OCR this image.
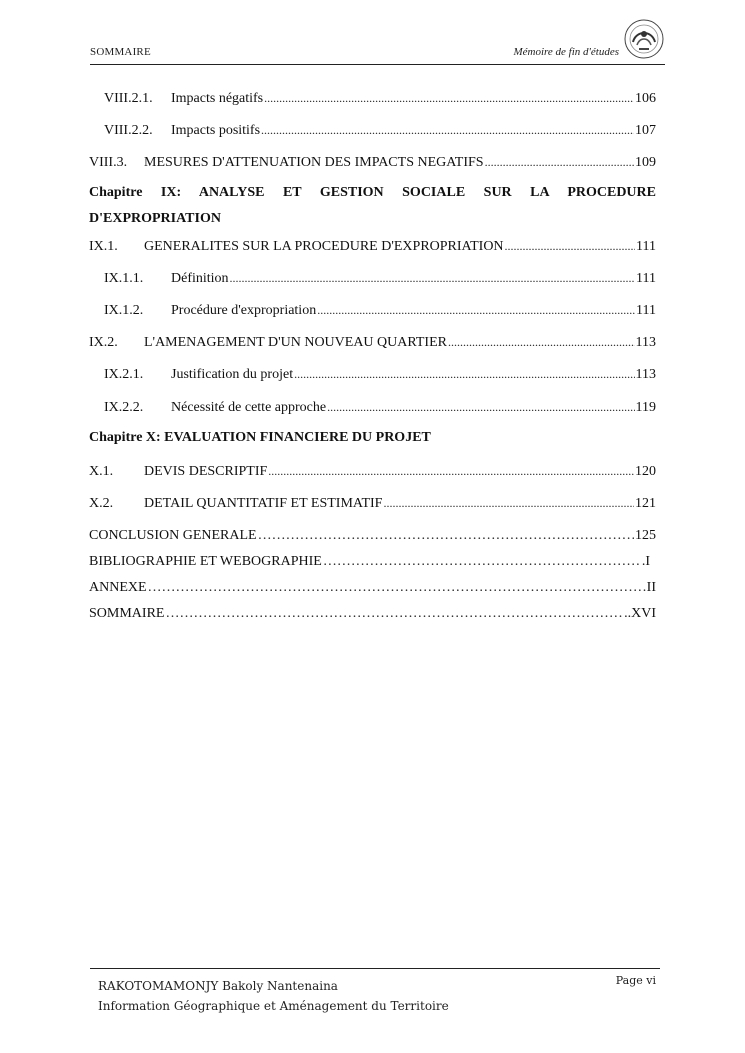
SOMMAIRE	Mémoire de fin d'études
VIII.2.1.	Impacts négatifs .....	106
VIII.2.2.	Impacts positifs .....	107
VIII.3.	MESURES D'ATTENUATION DES IMPACTS NEGATIFS .....	109
Chapitre IX: ANALYSE ET GESTION SOCIALE SUR LA PROCEDURE D'EXPROPRIATION
IX.1.	GENERALITES SUR LA PROCEDURE D'EXPROPRIATION .....	111
IX.1.1.	Définition .....	111
IX.1.2.	Procédure d'expropriation .....	111
IX.2.	L'AMENAGEMENT D'UN NOUVEAU QUARTIER .....	113
IX.2.1.	Justification du projet .....	113
IX.2.2.	Nécessité de cette approche .....	119
Chapitre X: EVALUATION FINANCIERE DU PROJET
X.1.	DEVIS DESCRIPTIF .....	120
X.2.	DETAIL QUANTITATIF ET ESTIMATIF .....	121
CONCLUSION GENERALE …………………………………………………………………………………………………………………………………………………………………………………	125
BIBLIOGRAPHIE ET WEBOGRAPHIE …………………………………………………………………………………………………………………………………………………………………………………	.I
ANNEXE …………………………………………………………………………………………………………………………………………………………………………………	II
SOMMAIRE …………………………………………………………………………………………………………………………………………………………………………………	..XVI
RAKOTOMAMONJY Bakoly Nantenaina
Information Géographique et Aménagement du Territoire
Page vi
